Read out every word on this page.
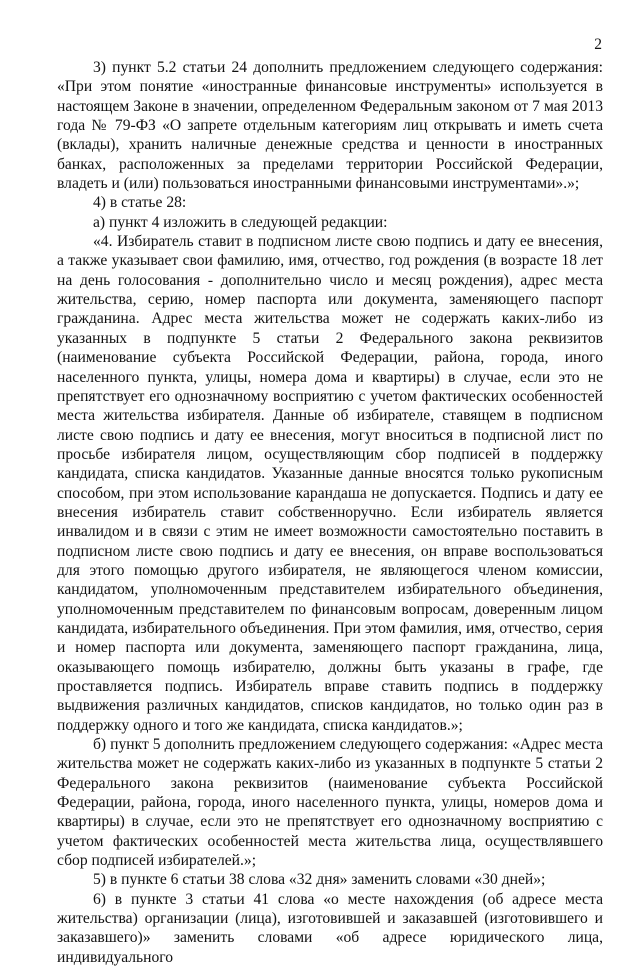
2

3) пункт 5.2 статьи 24 дополнить предложением следующего содержания: «При этом понятие «иностранные финансовые инструменты» используется в настоящем Законе в значении, определенном Федеральным законом от 7 мая 2013 года № 79-ФЗ «О запрете отдельным категориям лиц открывать и иметь счета (вклады), хранить наличные денежные средства и ценности в иностранных банках, расположенных за пределами территории Российской Федерации, владеть и (или) пользоваться иностранными финансовыми инструментами».»;

4) в статье 28:

а) пункт 4 изложить в следующей редакции:

«4. Избиратель ставит в подписном листе свою подпись и дату ее внесения, а также указывает свои фамилию, имя, отчество, год рождения (в возрасте 18 лет на день голосования - дополнительно число и месяц рождения), адрес места жительства, серию, номер паспорта или документа, заменяющего паспорт гражданина. Адрес места жительства может не содержать каких-либо из указанных в подпункте 5 статьи 2 Федерального закона реквизитов (наименование субъекта Российской Федерации, района, города, иного населенного пункта, улицы, номера дома и квартиры) в случае, если это не препятствует его однозначному восприятию с учетом фактических особенностей места жительства избирателя. Данные об избирателе, ставящем в подписном листе свою подпись и дату ее внесения, могут вноситься в подписной лист по просьбе избирателя лицом, осуществляющим сбор подписей в поддержку кандидата, списка кандидатов. Указанные данные вносятся только рукописным способом, при этом использование карандаша не допускается. Подпись и дату ее внесения избиратель ставит собственноручно. Если избиратель является инвалидом и в связи с этим не имеет возможности самостоятельно поставить в подписном листе свою подпись и дату ее внесения, он вправе воспользоваться для этого помощью другого избирателя, не являющегося членом комиссии, кандидатом, уполномоченным представителем избирательного объединения, уполномоченным представителем по финансовым вопросам, доверенным лицом кандидата, избирательного объединения. При этом фамилия, имя, отчество, серия и номер паспорта или документа, заменяющего паспорт гражданина, лица, оказывающего помощь избирателю, должны быть указаны в графе, где проставляется подпись. Избиратель вправе ставить подпись в поддержку выдвижения различных кандидатов, списков кандидатов, но только один раз в поддержку одного и того же кандидата, списка кандидатов.»;

б) пункт 5 дополнить предложением следующего содержания: «Адрес места жительства может не содержать каких-либо из указанных в подпункте 5 статьи 2 Федерального закона реквизитов (наименование субъекта Российской Федерации, района, города, иного населенного пункта, улицы, номеров дома и квартиры) в случае, если это не препятствует его однозначному восприятию с учетом фактических особенностей места жительства лица, осуществлявшего сбор подписей избирателей.»;

5) в пункте 6 статьи 38 слова «32 дня» заменить словами «30 дней»;

6) в пункте 3 статьи 41 слова «о месте нахождения (об адресе места жительства) организации (лица), изготовившей и заказавшей (изготовившего и заказавшего)» заменить словами «об адресе юридического лица, индивидуального
